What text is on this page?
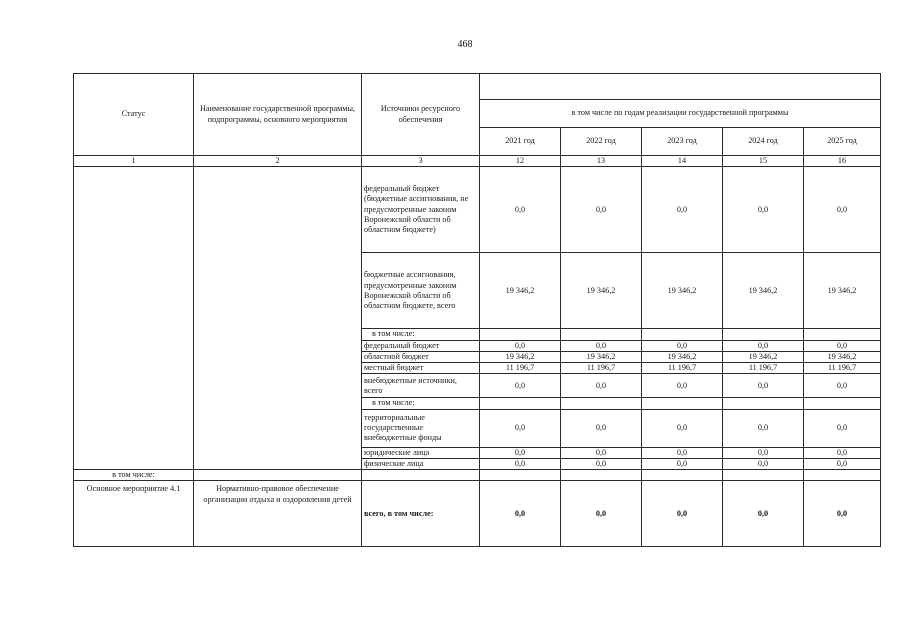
468
Статус	Наименование государственной программы, подпрограммы, основного мероприятия	Источники ресурсного обеспечения					
			в том числе по годам реализации государственной программы				
			2021 год	2022 год	2023 год	2024 год	2025 год
1	2	3	12	13	14	15	16
		федеральный бюджет (бюджетные ассигнования, не предусмотренные законом Воронежской области об областном бюджете)	0,0	0,0	0,0	0,0	0,0
		бюджетные ассигнования, предусмотренные законом Воронежской области об областном бюджете, всего	19 346,2	19 346,2	19 346,2	19 346,2	19 346,2
		в том числе:					
		федеральный бюджет	0,0	0,0	0,0	0,0	0,0
		областной бюджет	19 346,2	19 346,2	19 346,2	19 346,2	19 346,2
		местный бюджет	11 196,7	11 196,7	11 196,7	11 196,7	11 196,7
		внебюджетные источники, всего	0,0	0,0	0,0	0,0	0,0
		в том числе:					
		территориальные государственные внебюджетные фонды	0,0	0,0	0,0	0,0	0,0
		юридические лица	0,0	0,0	0,0	0,0	0,0
		физические лица	0,0	0,0	0,0	0,0	0,0
в том числе:							
Основное мероприятие 4.1	Нормативно-правовое обеспечение организации отдыха и оздоровления детей	всего, в том числе:	0,0	0,0	0,0	0,0	0,0
